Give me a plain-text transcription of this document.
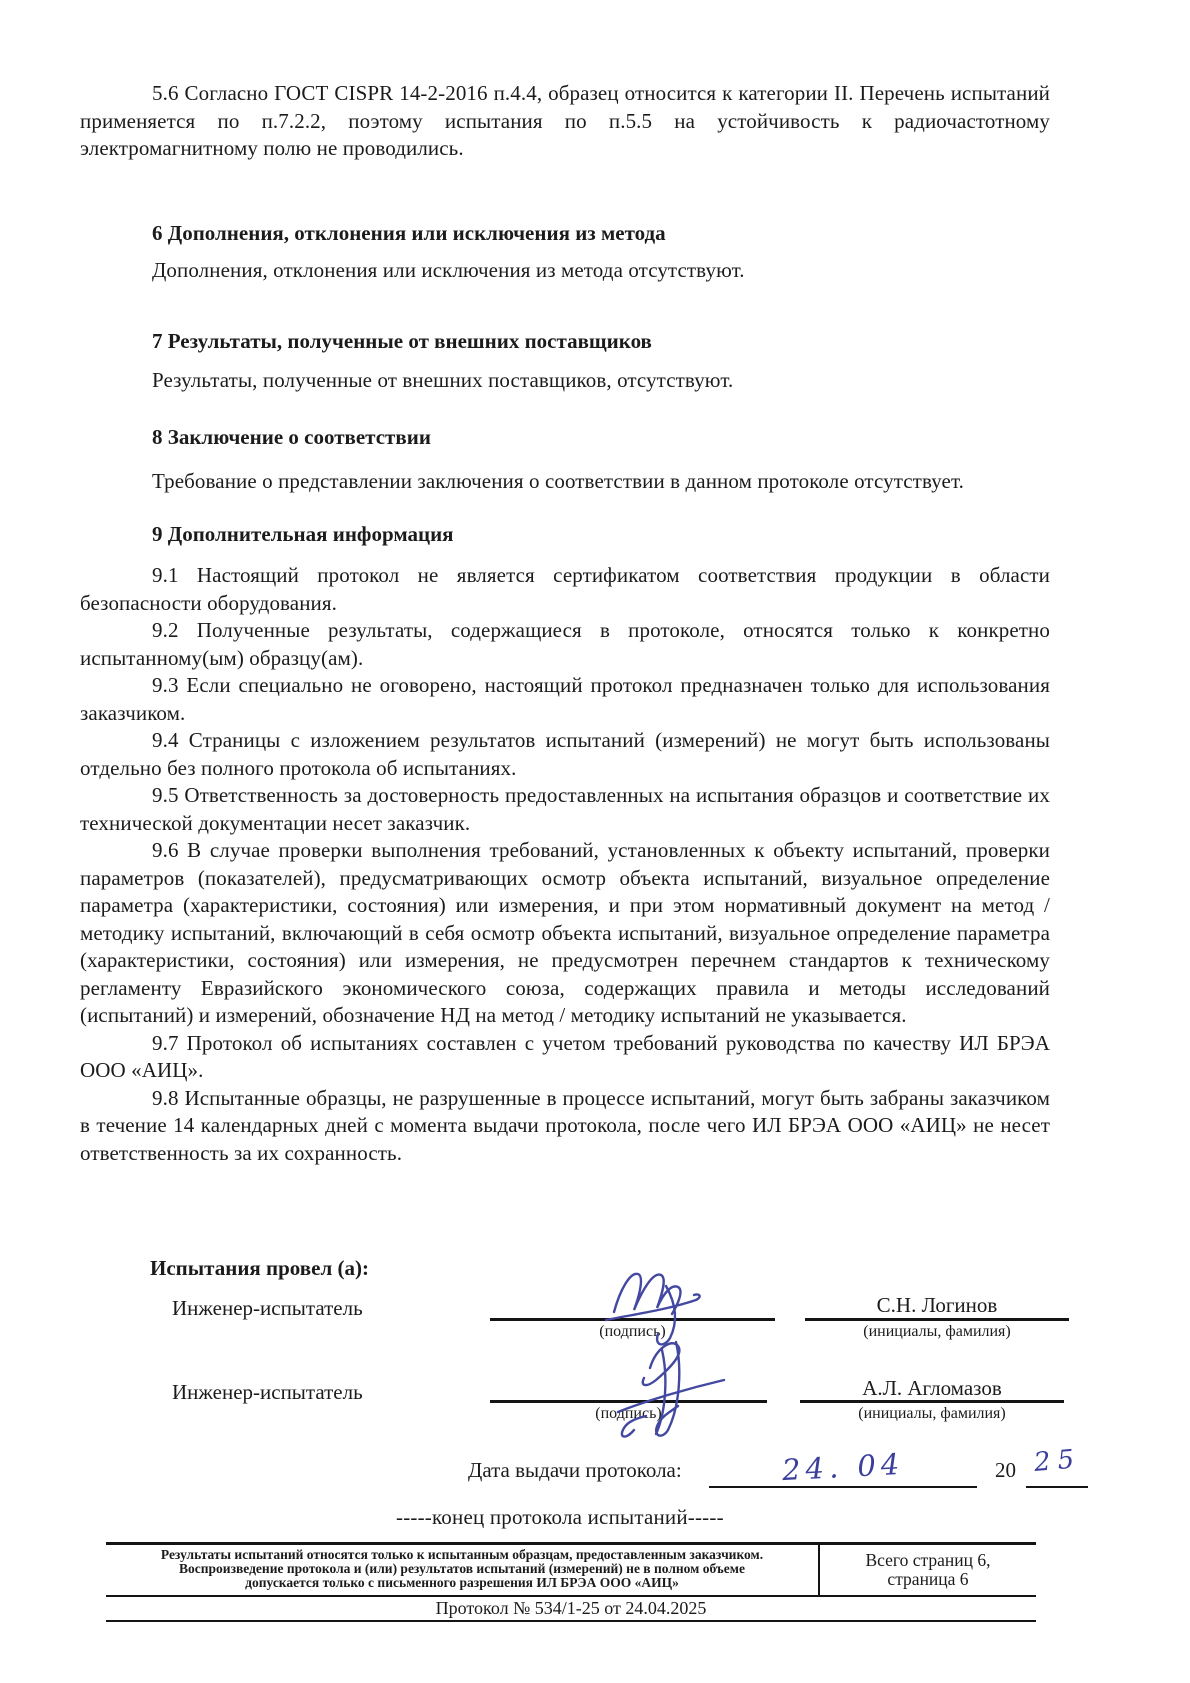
5.6 Согласно ГОСТ CISPR 14-2-2016 п.4.4, образец относится к категории II. Перечень испытаний применяется по п.7.2.2, поэтому испытания по п.5.5 на устойчивость к радиочастотному электромагнитному полю не проводились.

6 Дополнения, отклонения или исключения из метода

Дополнения, отклонения или исключения из метода отсутствуют.

7 Результаты, полученные от внешних поставщиков

Результаты, полученные от внешних поставщиков, отсутствуют.

8 Заключение о соответствии

Требование о представлении заключения о соответствии в данном протоколе отсутствует.

9 Дополнительная информация

9.1 Настоящий протокол не является сертификатом соответствия продукции в области безопасности оборудования.

9.2 Полученные результаты, содержащиеся в протоколе, относятся только к конкретно испытанному(ым) образцу(ам).

9.3 Если специально не оговорено, настоящий протокол предназначен только для использования заказчиком.

9.4 Страницы с изложением результатов испытаний (измерений) не могут быть использованы отдельно без полного протокола об испытаниях.

9.5 Ответственность за достоверность предоставленных на испытания образцов и соответствие их технической документации несет заказчик.

9.6 В случае проверки выполнения требований, установленных к объекту испытаний, проверки параметров (показателей), предусматривающих осмотр объекта испытаний, визуальное определение параметра (характеристики, состояния) или измерения, и при этом нормативный документ на метод / методику испытаний, включающий в себя осмотр объекта испытаний, визуальное определение параметра (характеристики, состояния) или измерения, не предусмотрен перечнем стандартов к техническому регламенту Евразийского экономического союза, содержащих правила и методы исследований (испытаний) и измерений, обозначение НД на метод / методику испытаний не указывается.

9.7 Протокол об испытаниях составлен с учетом требований руководства по качеству ИЛ БРЭА ООО «АИЦ».

9.8 Испытанные образцы, не разрушенные в процессе испытаний, могут быть забраны заказчиком в течение 14 календарных дней с момента выдачи протокола, после чего ИЛ БРЭА ООО «АИЦ» не несет ответственность за их сохранность.

Испытания провел (а):
Инженер-испытатель
(подпись)
С.Н. Логинов
(инициалы, фамилия)
Инженер-испытатель
(подпись)
А.Л. Агломазов
(инициалы, фамилия)
Дата выдачи протокола:	24. 04	20 25
-----конец протокола испытаний-----
Результаты испытаний относятся только к испытанным образцам, предоставленным заказчиком.
Воспроизведение протокола и (или) результатов испытаний (измерений) не в полном объеме
допускается только с письменного разрешения ИЛ БРЭА ООО «АИЦ»
Всего страниц 6,
страница 6
Протокол № 534/1-25 от 24.04.2025
